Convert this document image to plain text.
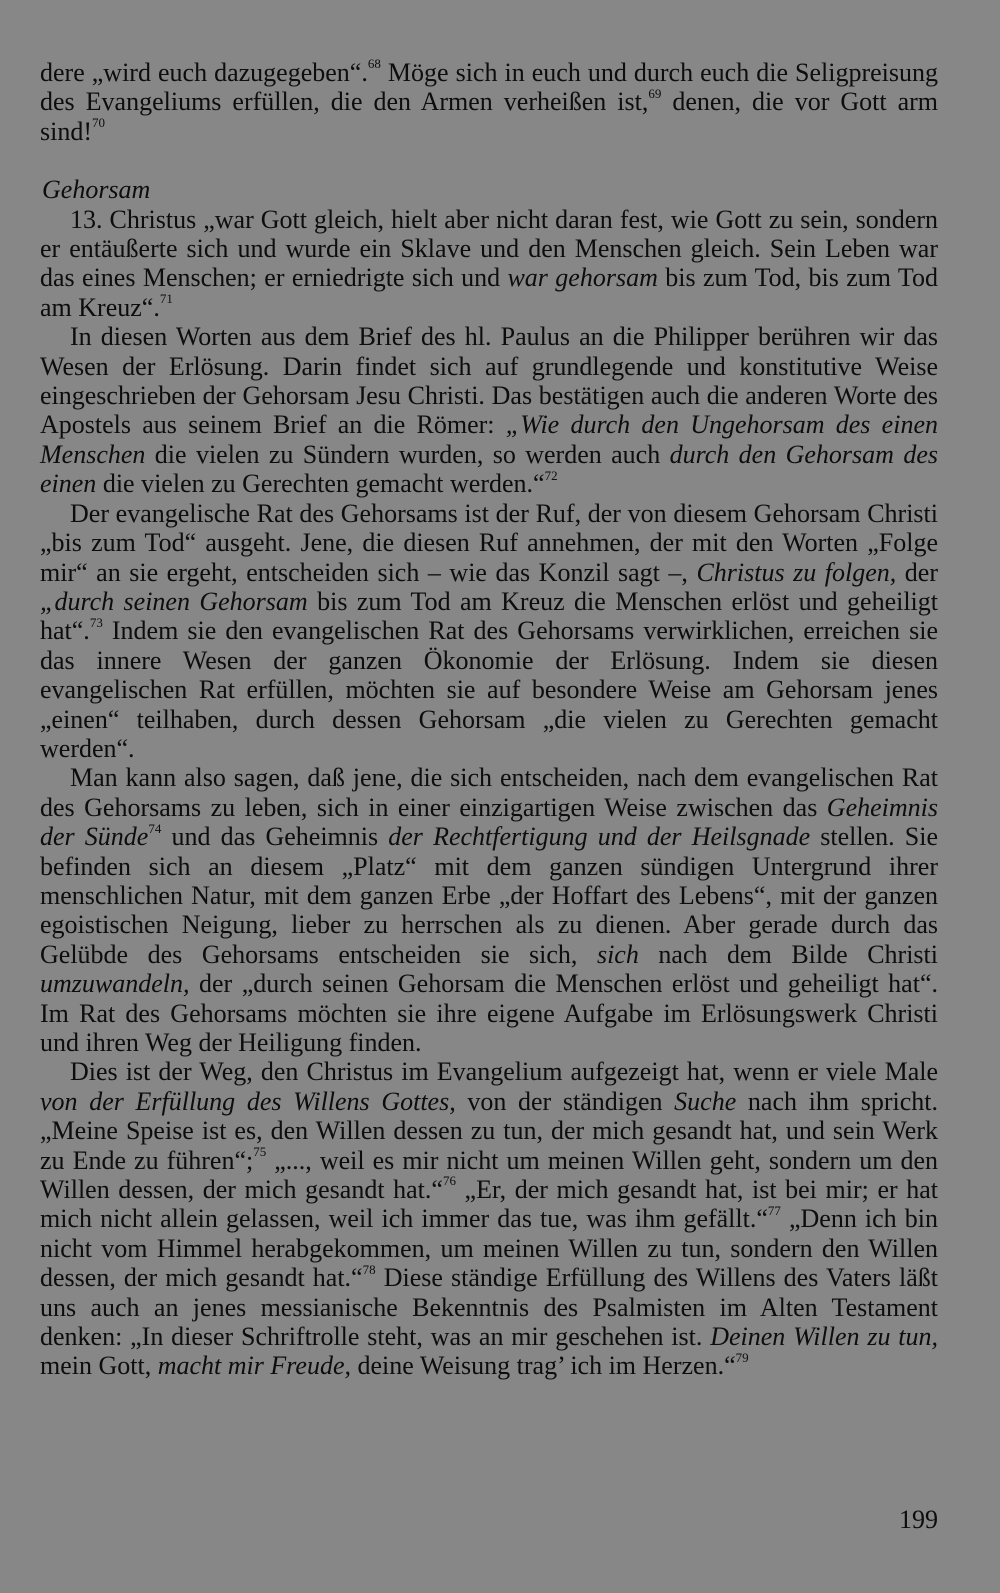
dere „wird euch dazugegeben“.$^{68}$ Möge sich in euch und durch euch die Seligpreisung des Evangeliums erfüllen, die den Armen verheißen ist,$^{69}$ denen, die vor Gott arm sind!$^{70}$

Gehorsam

13. Christus „war Gott gleich, hielt aber nicht daran fest, wie Gott zu sein, sondern er entäußerte sich und wurde ein Sklave und den Menschen gleich. Sein Leben war das eines Menschen; er erniedrigte sich und war gehorsam bis zum Tod, bis zum Tod am Kreuz“.$^{71}$

In diesen Worten aus dem Brief des hl. Paulus an die Philipper berühren wir das Wesen der Erlösung. Darin findet sich auf grundlegende und konstitutive Weise eingeschrieben der Gehorsam Jesu Christi. Das bestätigen auch die anderen Worte des Apostels aus seinem Brief an die Römer: „Wie durch den Ungehorsam des einen Menschen die vielen zu Sündern wurden, so werden auch durch den Gehorsam des einen die vielen zu Gerechten gemacht werden.“$^{72}$

Der evangelische Rat des Gehorsams ist der Ruf, der von diesem Gehorsam Christi „bis zum Tod“ ausgeht. Jene, die diesen Ruf annehmen, der mit den Worten „Folge mir“ an sie ergeht, entscheiden sich – wie das Konzil sagt –, Christus zu folgen, der „durch seinen Gehorsam bis zum Tod am Kreuz die Menschen erlöst und geheiligt hat“.$^{73}$ Indem sie den evangelischen Rat des Gehorsams verwirklichen, erreichen sie das innere Wesen der ganzen Ökonomie der Erlösung. Indem sie diesen evangelischen Rat erfüllen, möchten sie auf besondere Weise am Gehorsam jenes „einen“ teilhaben, durch dessen Gehorsam „die vielen zu Gerechten gemacht werden“.

Man kann also sagen, daß jene, die sich entscheiden, nach dem evangelischen Rat des Gehorsams zu leben, sich in einer einzigartigen Weise zwischen das Geheimnis der Sünde$^{74}$ und das Geheimnis der Rechtfertigung und der Heilsgnade stellen. Sie befinden sich an diesem „Platz“ mit dem ganzen sündigen Untergrund ihrer menschlichen Natur, mit dem ganzen Erbe „der Hoffart des Lebens“, mit der ganzen egoistischen Neigung, lieber zu herrschen als zu dienen. Aber gerade durch das Gelübde des Gehorsams entscheiden sie sich, sich nach dem Bilde Christi umzuwandeln, der „durch seinen Gehorsam die Menschen erlöst und geheiligt hat“. Im Rat des Gehorsams möchten sie ihre eigene Aufgabe im Erlösungswerk Christi und ihren Weg der Heiligung finden.

Dies ist der Weg, den Christus im Evangelium aufgezeigt hat, wenn er viele Male von der Erfüllung des Willens Gottes, von der ständigen Suche nach ihm spricht. „Meine Speise ist es, den Willen dessen zu tun, der mich gesandt hat, und sein Werk zu Ende zu führen“;$^{75}$ „..., weil es mir nicht um meinen Willen geht, sondern um den Willen dessen, der mich gesandt hat.“$^{76}$ „Er, der mich gesandt hat, ist bei mir; er hat mich nicht allein gelassen, weil ich immer das tue, was ihm gefällt.“$^{77}$ „Denn ich bin nicht vom Himmel herabgekommen, um meinen Willen zu tun, sondern den Willen dessen, der mich gesandt hat.“$^{78}$ Diese ständige Erfüllung des Willens des Vaters läßt uns auch an jenes messianische Bekenntnis des Psalmisten im Alten Testament denken: „In dieser Schriftrolle steht, was an mir geschehen ist. Deinen Willen zu tun, mein Gott, macht mir Freude, deine Weisung trag’ ich im Herzen.“$^{79}$

199
